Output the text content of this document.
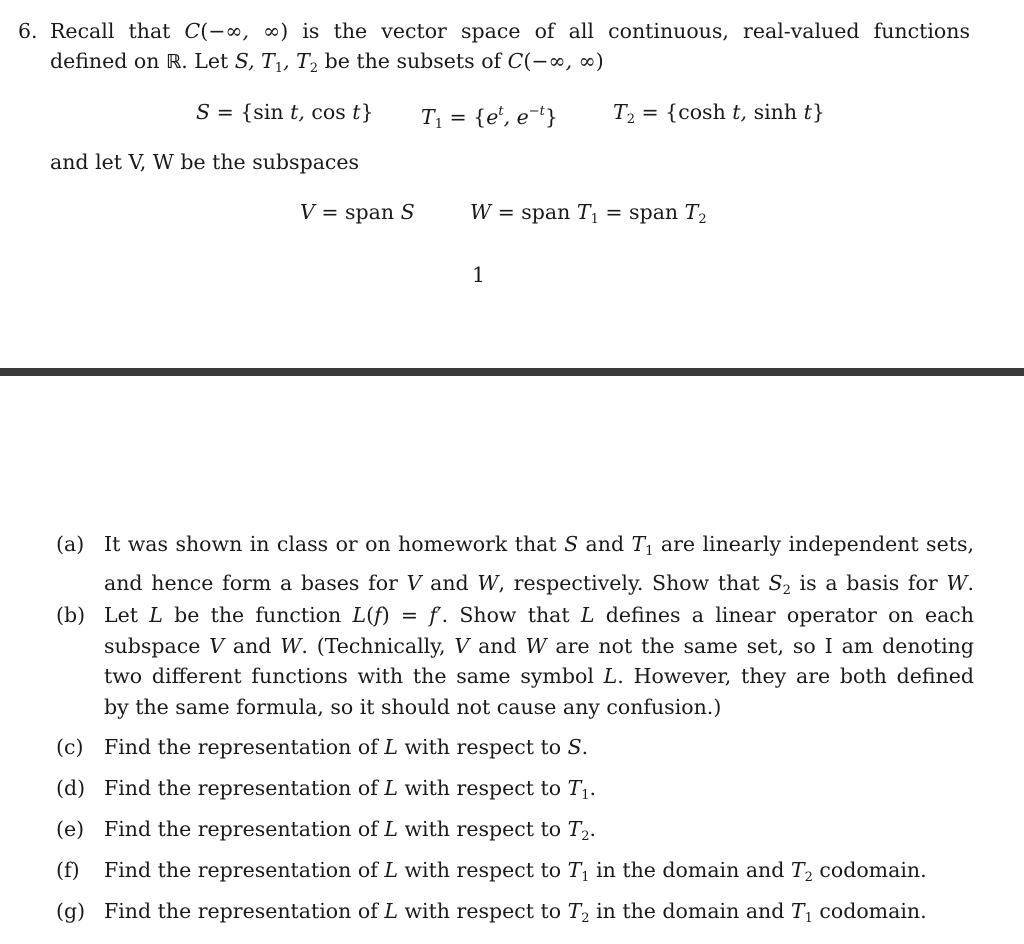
6. Recall that C(−∞, ∞) is the vector space of all continuous, real-valued functions
defined on ℝ. Let S, $T_1$, $T_2$ be the subsets of C(−∞, ∞)
S = {sin t, cos t} $T_1 = \{e^t$, $e^{-t}$}	$T_2 = \{\cosh$ t, sinh t}
and let V, W be the subspaces
V = span S	W = span $T_1$ = span $T_2$
1
(a) It was shown in class or on homework that S and $T_1$ are linearly independent sets,
and hence form a bases for V and W, respectively. Show that $S_2$ is a basis for W.
(b) Let L be the function L(f) = f′. Show that L defines a linear operator on each
subspace V and W. (Technically, V and W are not the same set, so I am denoting
two different functions with the same symbol L. However, they are both defined
by the same formula, so it should not cause any confusion.)
(c) Find the representation of L with respect to S.
(d) Find the representation of L with respect to $T_1$.
(e) Find the representation of L with respect to $T_2$.
(f) Find the representation of L with respect to $T_1$ in the domain and $T_2$ codomain.
(g) Find the representation of L with respect to $T_2$ in the domain and $T_1$ codomain.
